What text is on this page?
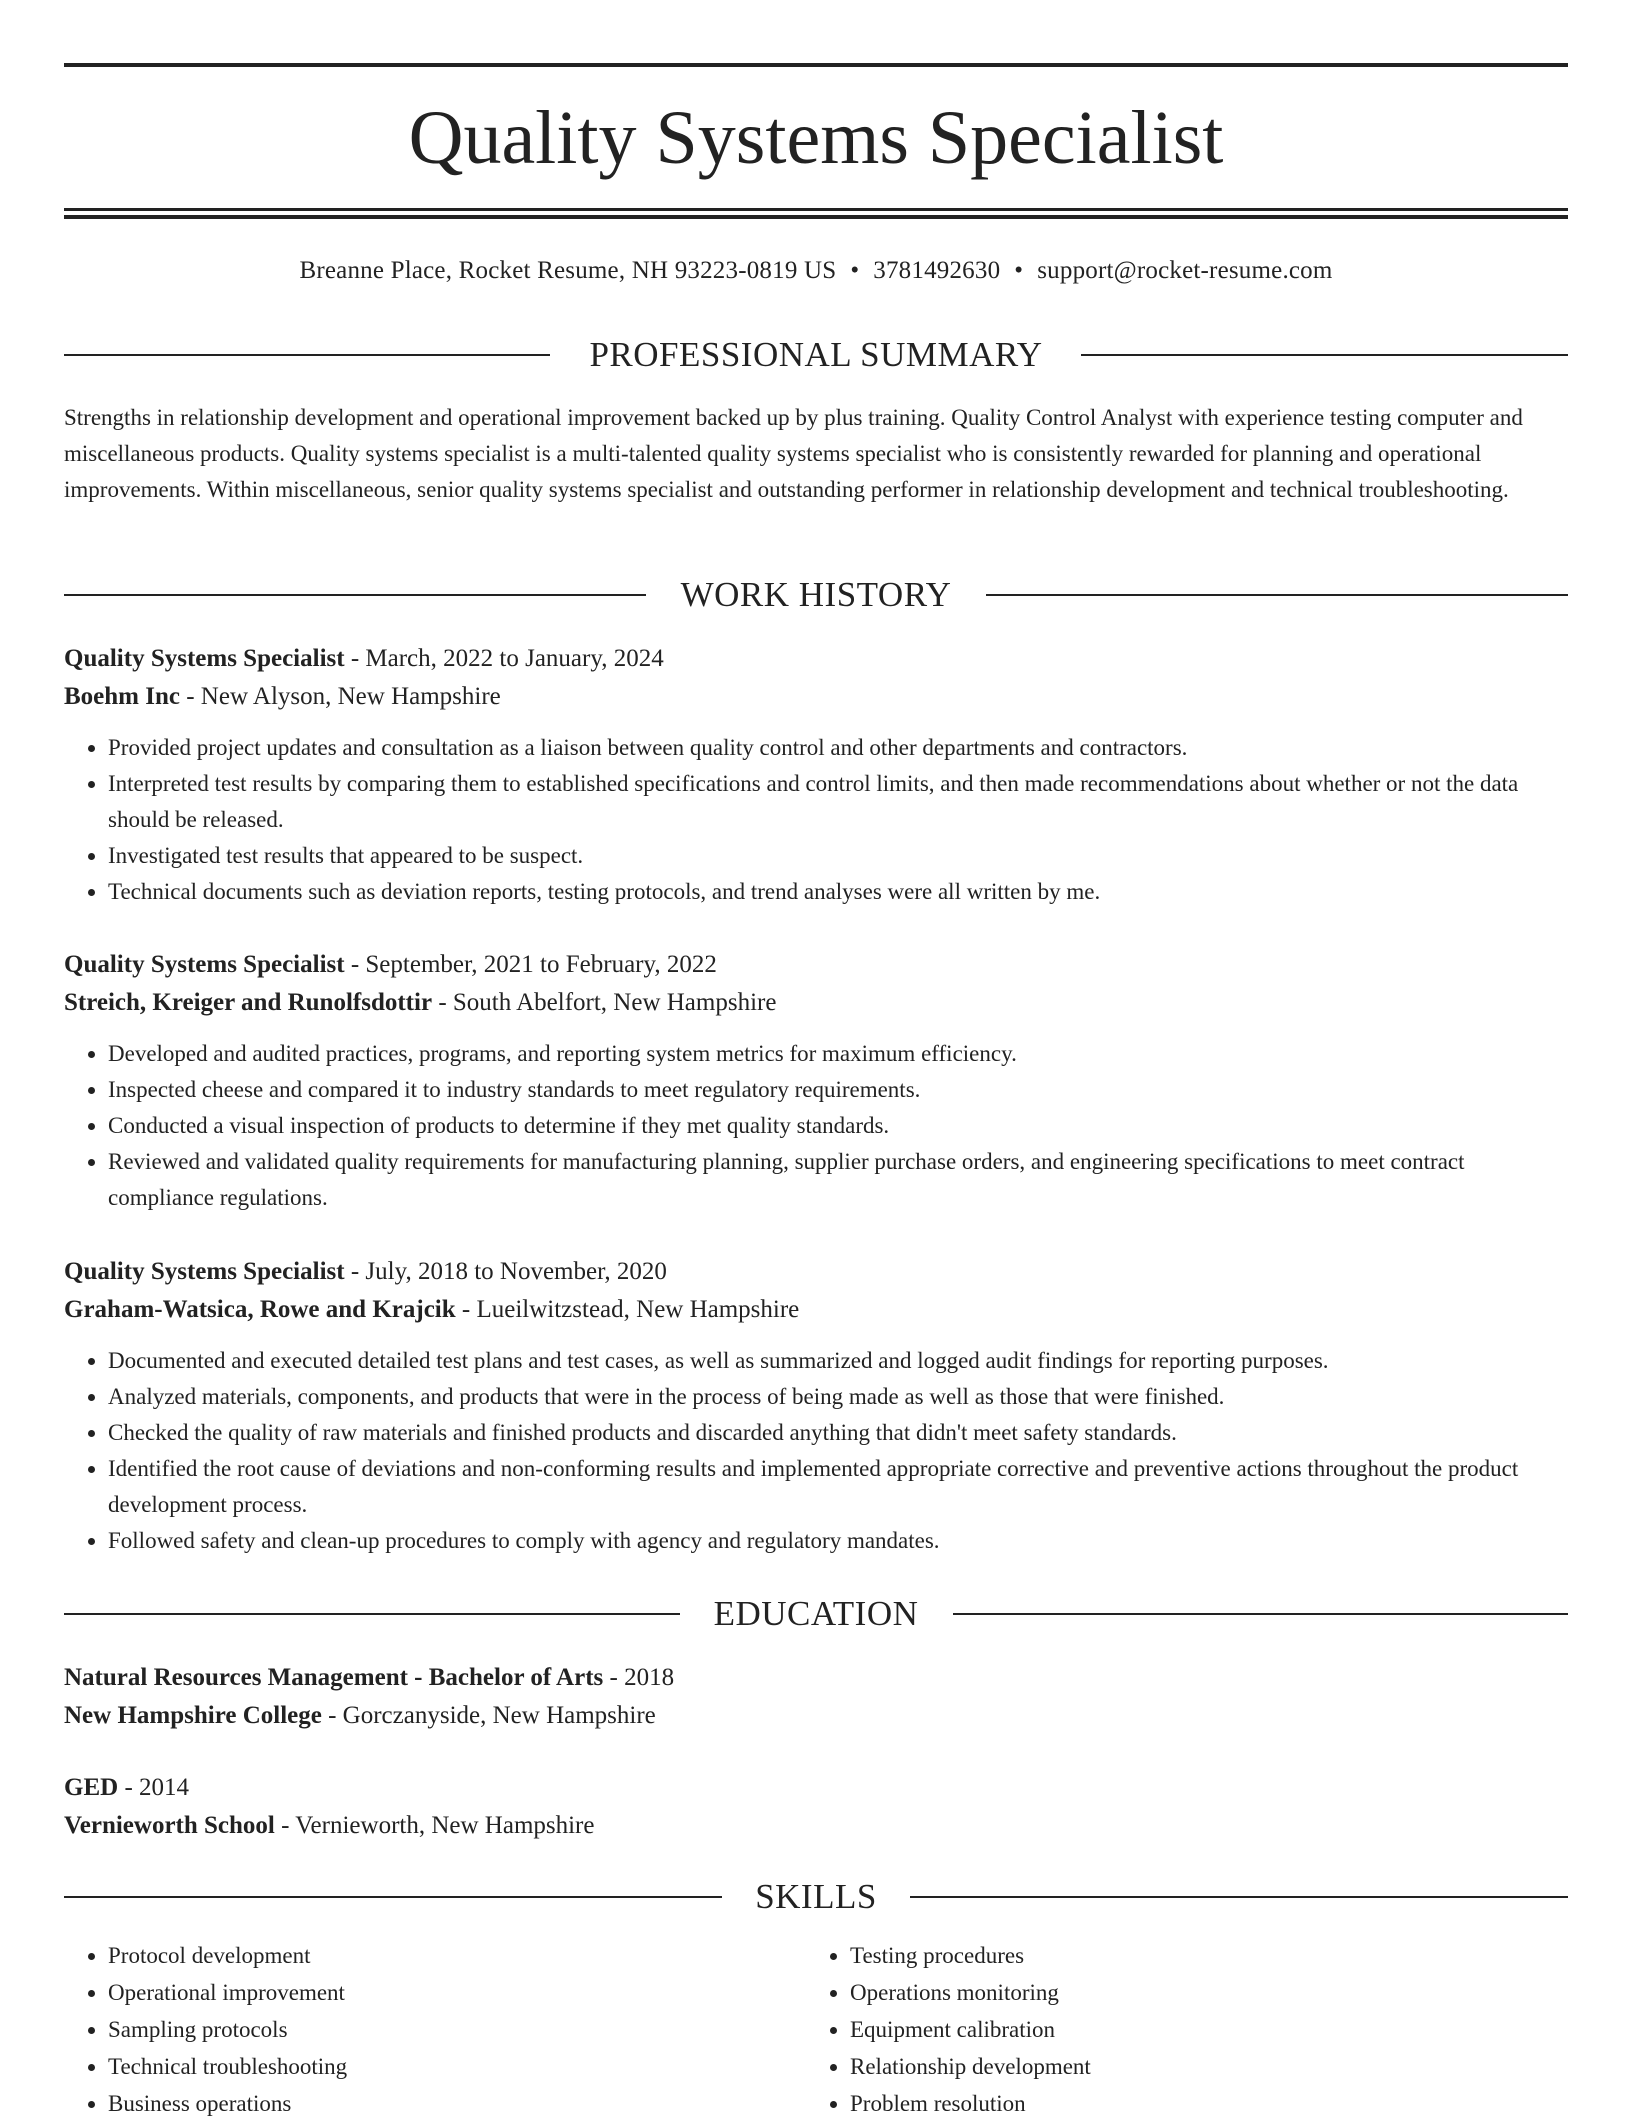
Quality Systems Specialist
Breanne Place, Rocket Resume, NH 93223-0819 US • 3781492630 • support@rocket-resume.com
PROFESSIONAL SUMMARY

Strengths in relationship development and operational improvement backed up by plus training. Quality Control Analyst with experience testing computer and miscellaneous products. Quality systems specialist is a multi-talented quality systems specialist who is consistently rewarded for planning and operational improvements. Within miscellaneous, senior quality systems specialist and outstanding performer in relationship development and technical troubleshooting.

WORK HISTORY

Quality Systems Specialist - March, 2022 to January, 2024

Boehm Inc - New Alyson, New Hampshire

• Provided project updates and consultation as a liaison between quality control and other departments and contractors.
• Interpreted test results by comparing them to established specifications and control limits, and then made recommendations about whether or not the data should be released.
• Investigated test results that appeared to be suspect.
• Technical documents such as deviation reports, testing protocols, and trend analyses were all written by me.

Quality Systems Specialist - September, 2021 to February, 2022

Streich, Kreiger and Runolfsdottir - South Abelfort, New Hampshire

• Developed and audited practices, programs, and reporting system metrics for maximum efficiency.
• Inspected cheese and compared it to industry standards to meet regulatory requirements.
• Conducted a visual inspection of products to determine if they met quality standards.
• Reviewed and validated quality requirements for manufacturing planning, supplier purchase orders, and engineering specifications to meet contract compliance regulations.

Quality Systems Specialist - July, 2018 to November, 2020

Graham-Watsica, Rowe and Krajcik - Lueilwitzstead, New Hampshire

• Documented and executed detailed test plans and test cases, as well as summarized and logged audit findings for reporting purposes.
• Analyzed materials, components, and products that were in the process of being made as well as those that were finished.
• Checked the quality of raw materials and finished products and discarded anything that didn't meet safety standards.
• Identified the root cause of deviations and non-conforming results and implemented appropriate corrective and preventive actions throughout the product development process.
• Followed safety and clean-up procedures to comply with agency and regulatory mandates.
EDUCATION

Natural Resources Management - Bachelor of Arts - 2018

New Hampshire College - Gorczanyside, New Hampshire

GED - 2014

Vernieworth School - Vernieworth, New Hampshire

SKILLS
• Protocol development
• Operational improvement
• Sampling protocols
• Technical troubleshooting
• Business operations
• Testing procedures
• Operations monitoring
• Equipment calibration
• Relationship development
• Problem resolution
